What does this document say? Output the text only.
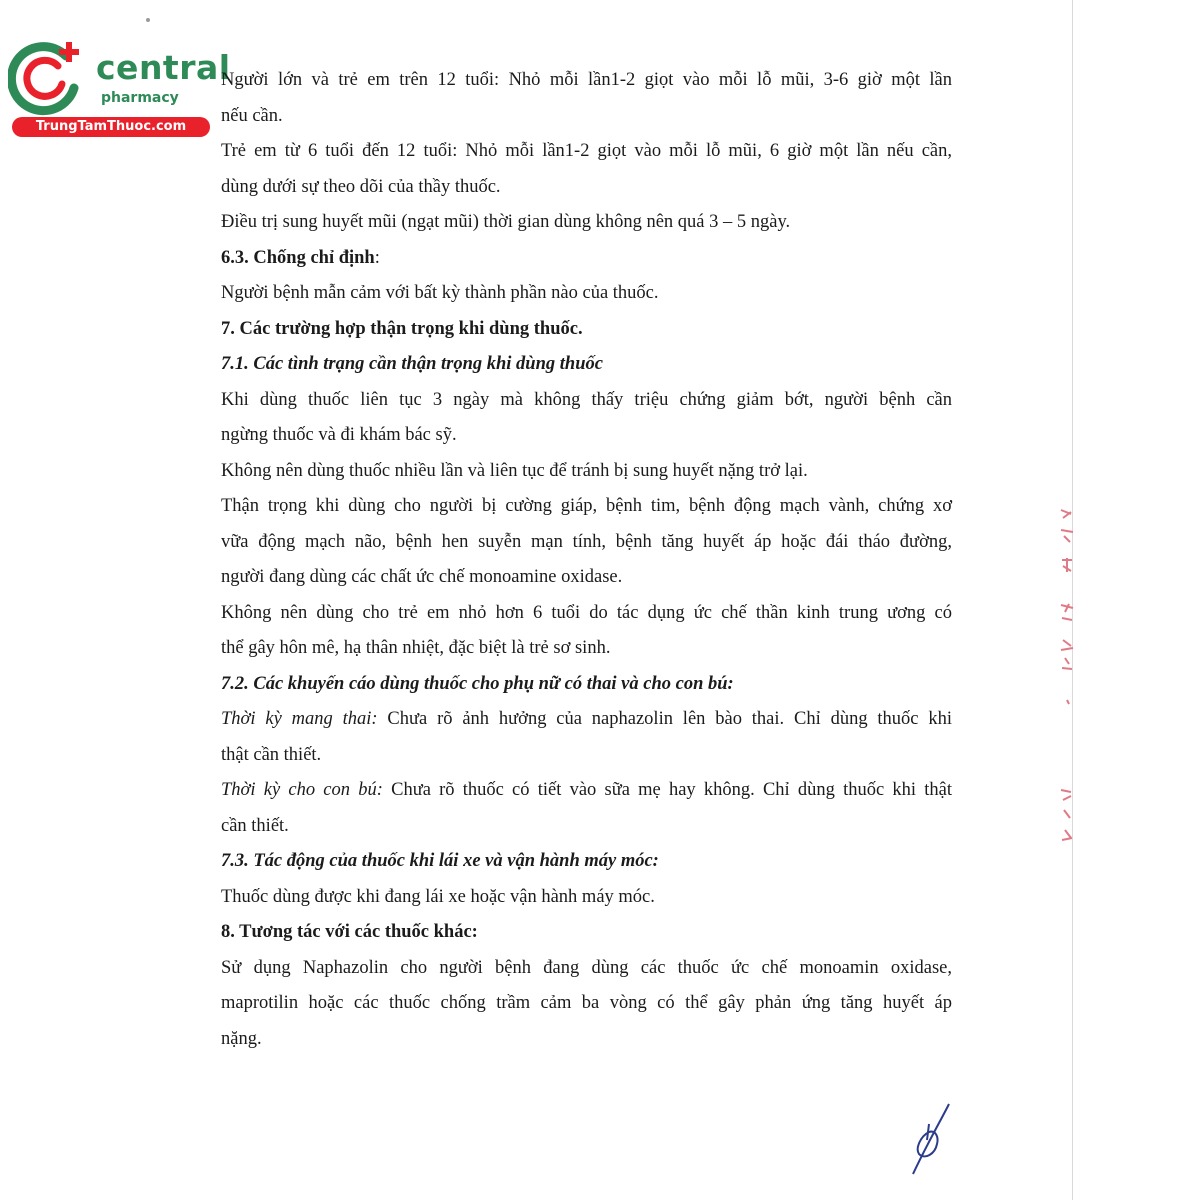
central
pharmacy
TrungTamThuoc.com
Người lớn và trẻ em trên 12 tuổi: Nhỏ mỗi lần1-2 giọt vào mỗi lỗ mũi, 3-6 giờ một lần
nếu cần.
Trẻ em từ 6 tuổi đến 12 tuổi: Nhỏ mỗi lần1-2 giọt vào mỗi lỗ mũi, 6 giờ một lần nếu cần,
dùng dưới sự theo dõi của thầy thuốc.
Điều trị sung huyết mũi (ngạt mũi) thời gian dùng không nên quá 3 – 5 ngày.
6.3. Chống chỉ định:
Người bệnh mẫn cảm với bất kỳ thành phần nào của thuốc.
7. Các trường hợp thận trọng khi dùng thuốc.
7.1. Các tình trạng cần thận trọng khi dùng thuốc
Khi dùng thuốc liên tục 3 ngày mà không thấy triệu chứng giảm bớt, người bệnh cần
ngừng thuốc và đi khám bác sỹ.
Không nên dùng thuốc nhiều lần và liên tục để tránh bị sung huyết nặng trở lại.
Thận trọng khi dùng cho người bị cường giáp, bệnh tim, bệnh động mạch vành, chứng xơ
vữa động mạch não, bệnh hen suyễn mạn tính, bệnh tăng huyết áp hoặc đái tháo đường,
người đang dùng các chất ức chế monoamine oxidase.
Không nên dùng cho trẻ em nhỏ hơn 6 tuổi do tác dụng ức chế thần kinh trung ương có
thể gây hôn mê, hạ thân nhiệt, đặc biệt là trẻ sơ sinh.
7.2. Các khuyến cáo dùng thuốc cho phụ nữ có thai và cho con bú:
Thời kỳ mang thai: Chưa rõ ảnh hưởng của naphazolin lên bào thai. Chỉ dùng thuốc khi
thật cần thiết.
Thời kỳ cho con bú: Chưa rõ thuốc có tiết vào sữa mẹ hay không. Chỉ dùng thuốc khi thật
cần thiết.
7.3. Tác động của thuốc khi lái xe và vận hành máy móc:
Thuốc dùng được khi đang lái xe hoặc vận hành máy móc.
8. Tương tác với các thuốc khác:
Sử dụng Naphazolin cho người bệnh đang dùng các thuốc ức chế monoamin oxidase,
maprotilin hoặc các thuốc chống trầm cảm ba vòng có thể gây phản ứng tăng huyết áp
nặng.
